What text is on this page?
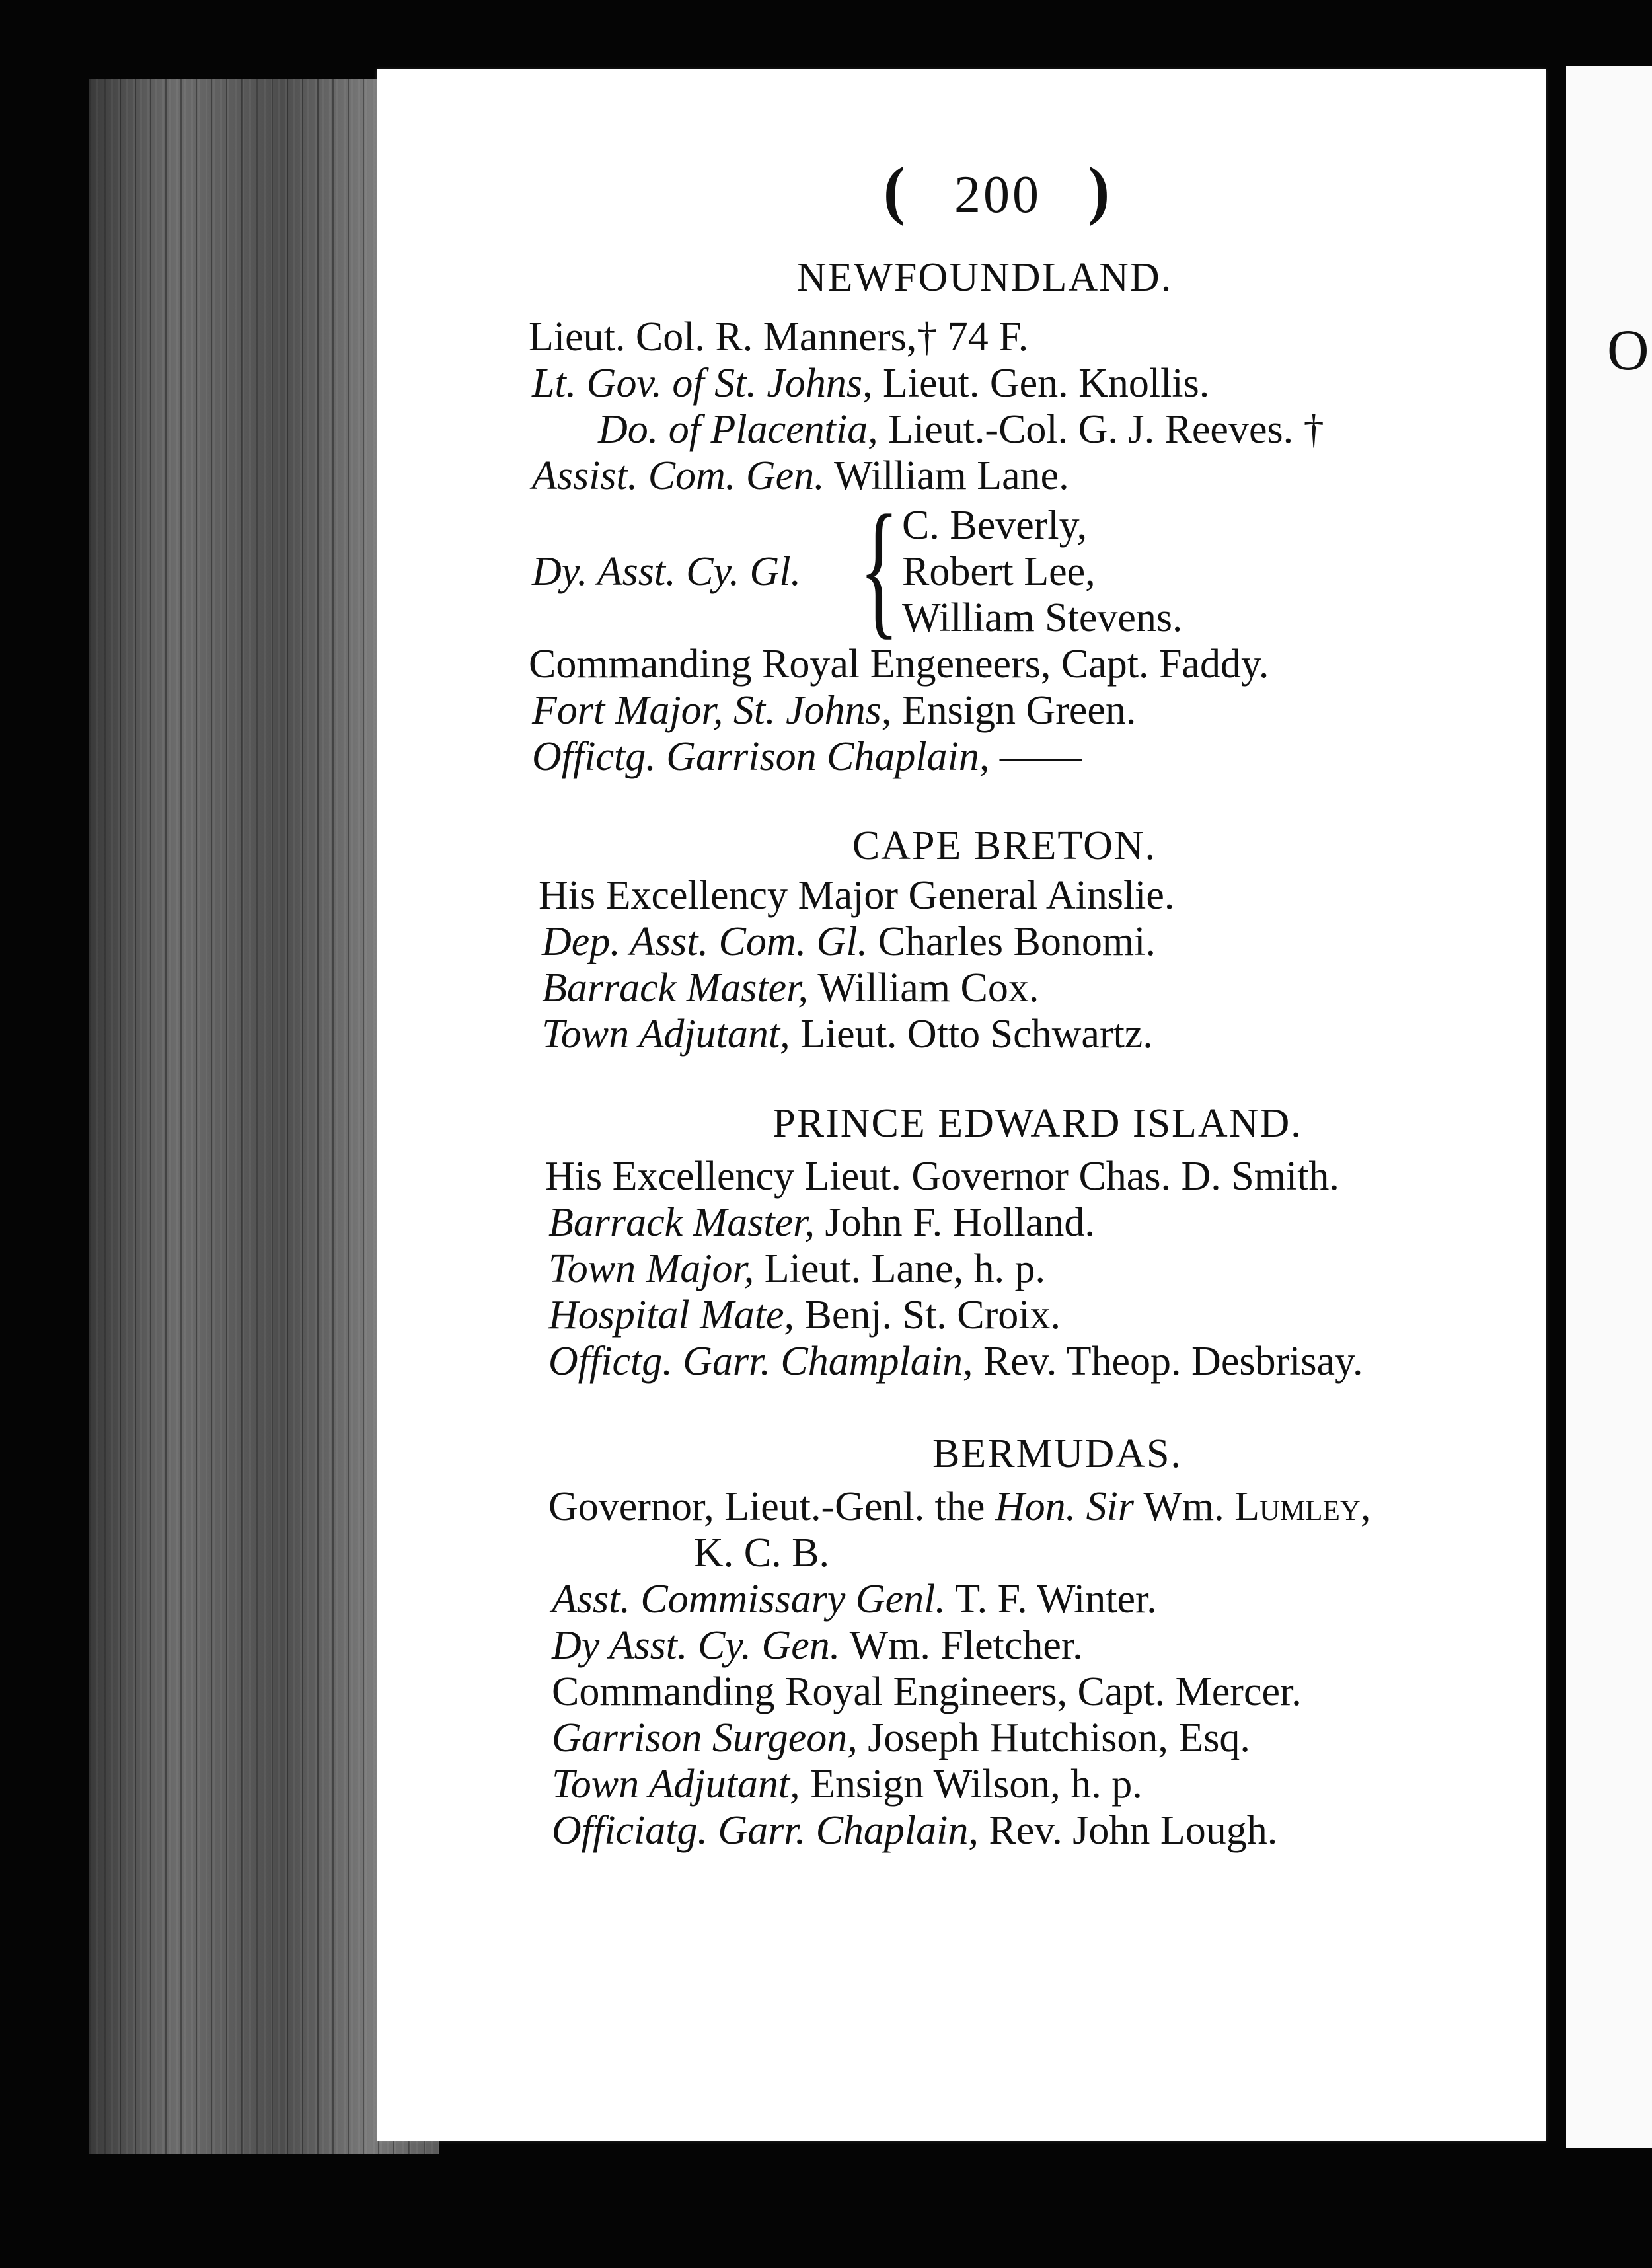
O
( 200 )
NEWFOUNDLAND.
Lieut. Col. R. Manners,† 74 F.
Lt. Gov. of St. Johns, Lieut. Gen. Knollis.
Do. of Placentia, Lieut.-Col. G. J. Reeves. †
Assist. Com. Gen. William Lane.
Dy. Asst. Cy. Gl. { C. Beverly,
Robert Lee,
William Stevens.
Commanding Royal Engeneers, Capt. Faddy.
Fort Major, St. Johns, Ensign Green.
Offictg. Garrison Chaplain, ——
CAPE BRETON.
His Excellency Major General Ainslie.
Dep. Asst. Com. Gl. Charles Bonomi.
Barrack Master, William Cox.
Town Adjutant, Lieut. Otto Schwartz.
PRINCE EDWARD ISLAND.
His Excellency Lieut. Governor Chas. D. Smith.
Barrack Master, John F. Holland.
Town Major, Lieut. Lane, h. p.
Hospital Mate, Benj. St. Croix.
Offictg. Garr. Champlain, Rev. Theop. Desbrisay.
BERMUDAS.
Governor, Lieut.-Genl. the Hon. Sir Wm. Lumley,
K. C. B.
Asst. Commissary Genl. T. F. Winter.
Dy Asst. Cy. Gen. Wm. Fletcher.
Commanding Royal Engineers, Capt. Mercer.
Garrison Surgeon, Joseph Hutchison, Esq.
Town Adjutant, Ensign Wilson, h. p.
Officiatg. Garr. Chaplain, Rev. John Lough.
